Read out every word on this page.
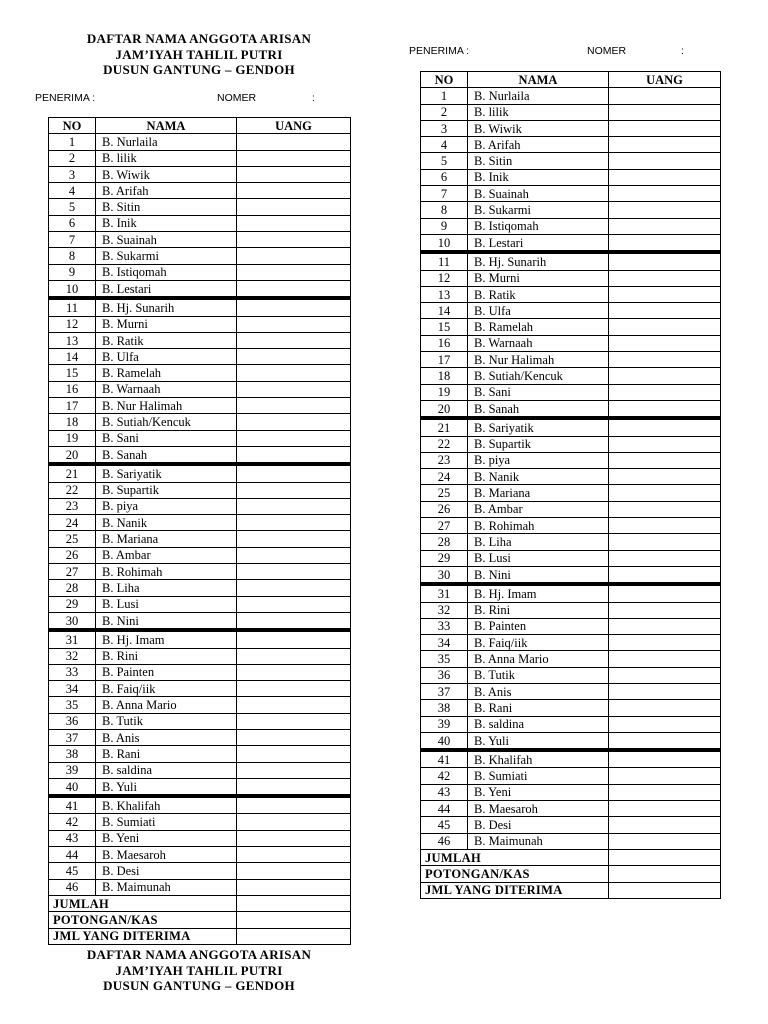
DAFTAR NAMA ANGGOTA ARISAN
JAM’IYAH TAHLIL PUTRI
DUSUN GANTUNG – GENDOH
PENERIMA :	NOMER	:
NO	NAMA	UANG
1	B. Nurlaila	
2	B. lilik	
3	B. Wiwik	
4	B. Arifah	
5	B. Sitin	
6	B. Inik	
7	B. Suainah	
8	B. Sukarmi	
9	B. Istiqomah	
10	B. Lestari	
11	B. Hj. Sunarih	
12	B. Murni	
13	B. Ratik	
14	B. Ulfa	
15	B. Ramelah	
16	B. Warnaah	
17	B. Nur Halimah	
18	B. Sutiah/Kencuk	
19	B. Sani	
20	B. Sanah	
21	B. Sariyatik	
22	B. Supartik	
23	B. piya	
24	B. Nanik	
25	B. Mariana	
26	B. Ambar	
27	B. Rohimah	
28	B. Liha	
29	B. Lusi	
30	B. Nini	
31	B. Hj. Imam	
32	B. Rini	
33	B. Painten	
34	B. Faiq/iik	
35	B. Anna Mario	
36	B. Tutik	
37	B. Anis	
38	B. Rani	
39	B. saldina	
40	B. Yuli	
41	B. Khalifah	
42	B. Sumiati	
43	B. Yeni	
44	B. Maesaroh	
45	B. Desi	
46	B. Maimunah	
JUMLAH		
POTONGAN/KAS		
JML YANG DITERIMA		
DAFTAR NAMA ANGGOTA ARISAN
JAM’IYAH TAHLIL PUTRI
DUSUN GANTUNG – GENDOH
PENERIMA :	NOMER	:
NO	NAMA	UANG
1	B. Nurlaila	
2	B. lilik	
3	B. Wiwik	
4	B. Arifah	
5	B. Sitin	
6	B. Inik	
7	B. Suainah	
8	B. Sukarmi	
9	B. Istiqomah	
10	B. Lestari	
11	B. Hj. Sunarih	
12	B. Murni	
13	B. Ratik	
14	B. Ulfa	
15	B. Ramelah	
16	B. Warnaah	
17	B. Nur Halimah	
18	B. Sutiah/Kencuk	
19	B. Sani	
20	B. Sanah	
21	B. Sariyatik	
22	B. Supartik	
23	B. piya	
24	B. Nanik	
25	B. Mariana	
26	B. Ambar	
27	B. Rohimah	
28	B. Liha	
29	B. Lusi	
30	B. Nini	
31	B. Hj. Imam	
32	B. Rini	
33	B. Painten	
34	B. Faiq/iik	
35	B. Anna Mario	
36	B. Tutik	
37	B. Anis	
38	B. Rani	
39	B. saldina	
40	B. Yuli	
41	B. Khalifah	
42	B. Sumiati	
43	B. Yeni	
44	B. Maesaroh	
45	B. Desi	
46	B. Maimunah	
JUMLAH		
POTONGAN/KAS		
JML YANG DITERIMA		
